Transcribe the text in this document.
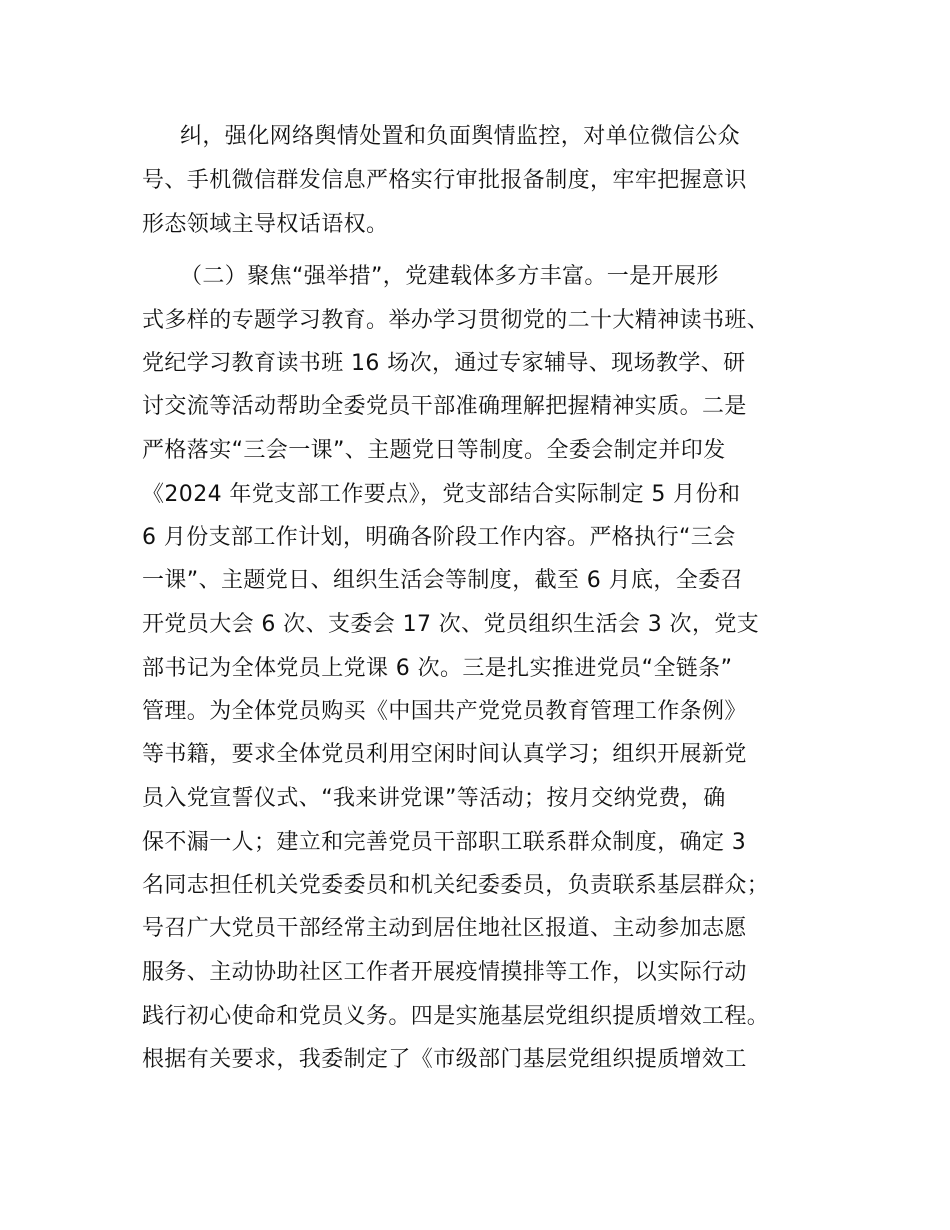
纠，强化网络舆情处置和负面舆情监控，对单位微信公众
号、手机微信群发信息严格实行审批报备制度，牢牢把握意识
形态领域主导权话语权。
（二）聚焦“强举措”，党建载体多方丰富。一是开展形
式多样的专题学习教育。举办学习贯彻党的二十大精神读书班、
党纪学习教育读书班 16 场次，通过专家辅导、现场教学、研
讨交流等活动帮助全委党员干部准确理解把握精神实质。二是
严格落实“三会一课”、主题党日等制度。全委会制定并印发
《2024 年党支部工作要点》，党支部结合实际制定 5 月份和
6 月份支部工作计划，明确各阶段工作内容。严格执行“三会
一课”、主题党日、组织生活会等制度，截至 6 月底，全委召
开党员大会 6 次、支委会 17 次、党员组织生活会 3 次，党支
部书记为全体党员上党课 6 次。三是扎实推进党员“全链条”
管理。为全体党员购买《中国共产党党员教育管理工作条例》
等书籍，要求全体党员利用空闲时间认真学习；组织开展新党
员入党宣誓仪式、“我来讲党课”等活动；按月交纳党费，确
保不漏一人；建立和完善党员干部职工联系群众制度，确定 3
名同志担任机关党委委员和机关纪委委员，负责联系基层群众；
号召广大党员干部经常主动到居住地社区报道、主动参加志愿
服务、主动协助社区工作者开展疫情摸排等工作，以实际行动
践行初心使命和党员义务。四是实施基层党组织提质增效工程。
根据有关要求，我委制定了《市级部门基层党组织提质增效工
